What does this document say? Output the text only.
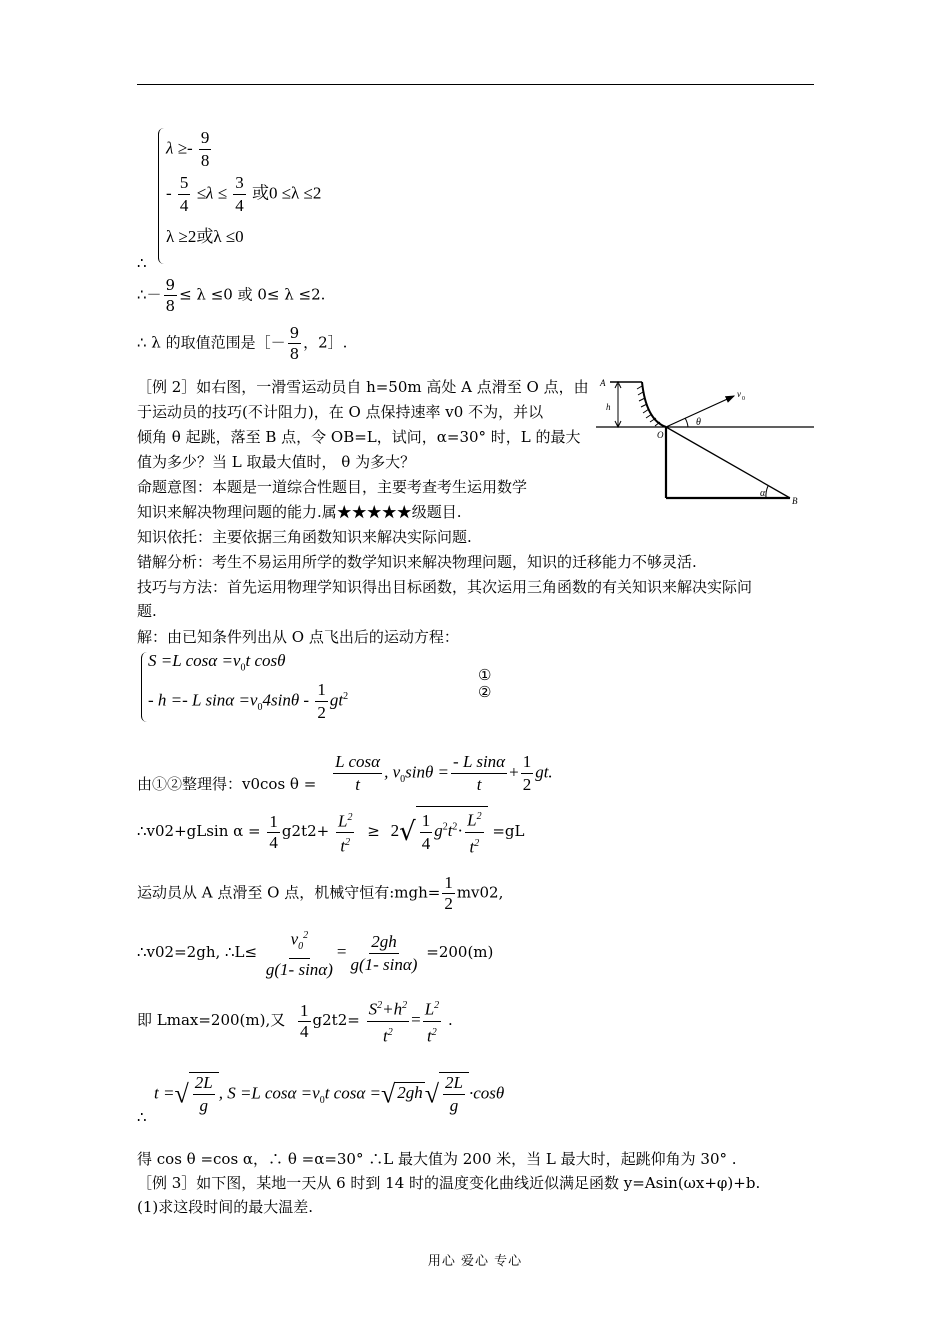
$\lambda \ge- \frac{9}{8}$
- $\frac{5}{4} \le\lambda \le \frac{3}{4}$ 或0 ≤λ ≤2
λ ≥2或λ ≤0
∴
∴－ $\frac{9}{8} \le \lambda \le 0$ 或 0≤ λ ≤2.
∴ λ 的取值范围是［－ $\frac{9}{8}$ ，2］.
［例 2］如右图，一滑雪运动员自 h=50m 高处 A 点滑至 O 点，由
于运动员的技巧(不计阻力)，在 O 点保持速率 v0 不为，并以
倾角 θ 起跳，落至 B 点，令 OB=L，试问，α=30° 时，L 的最大
值为多少？当 L 取最大值时， θ 为多大？
命题意图：本题是一道综合性题目，主要考查考生运用数学
知识来解决物理问题的能力.属★★★★★级题目.
知识依托：主要依据三角函数知识来解决实际问题.
错解分析：考生不易运用所学的数学知识来解决物理问题，知识的迁移能力不够灵活.
技巧与方法：首先运用物理学知识得出目标函数，其次运用三角函数的有关知识来解决实际问
题.
解：由已知条件列出从 O 点飞出后的运动方程：
A
h
O
v 0
θ
α
B
S =L $\cos\alpha =v_0t$ cosθ
- h =- L $\sin\alpha =v_04\sin\theta - \frac{1}{2} gt^2$
①
②
由①②整理得：v0cos $\theta = \frac{\text{L cosα}}{t}$ , $v_0\sin\theta = \frac{\text{- L sinα}}{t} + \frac{1}{2}$ gt.
∴v02+gLsin $\alpha = \frac{1}{4} g2t2+ \frac{L^2}{t^2} \ge 2√ \frac{1}{4} g^2t^2\cdot \frac{L^2}{t^2} =gL$
运动员从 A 点滑至 O 点，机械守恒有:mgh= $\frac{1}{2} mv02$,
∴v02=2gh, ∴L≤ $\frac{v_0^2}{g(1- \sin\alpha)} = \frac{2gh}{g(1- \sin\alpha)} =200(m)$
即 Lmax=200(m),又 $\frac{1}{4} g2t2= \frac{S^2+h^2}{t^2} = \frac{L^2}{t^2}$ .
∴
t =√ $\frac{2L}{g}$ , S =L $\cos\alpha =v_0t$ cosα =√ $2gh√ \frac{2L}{g} \cdot\cos\theta$
得 cos θ =cos α，∴ θ =α=30° ∴L 最大值为 200 米，当 L 最大时，起跳仰角为 30° .
［例 3］如下图，某地一天从 6 时到 14 时的温度变化曲线近似满足函数 y=Asin(ωx+φ)+b.
(1)求这段时间的最大温差.
用心 爱心 专心
